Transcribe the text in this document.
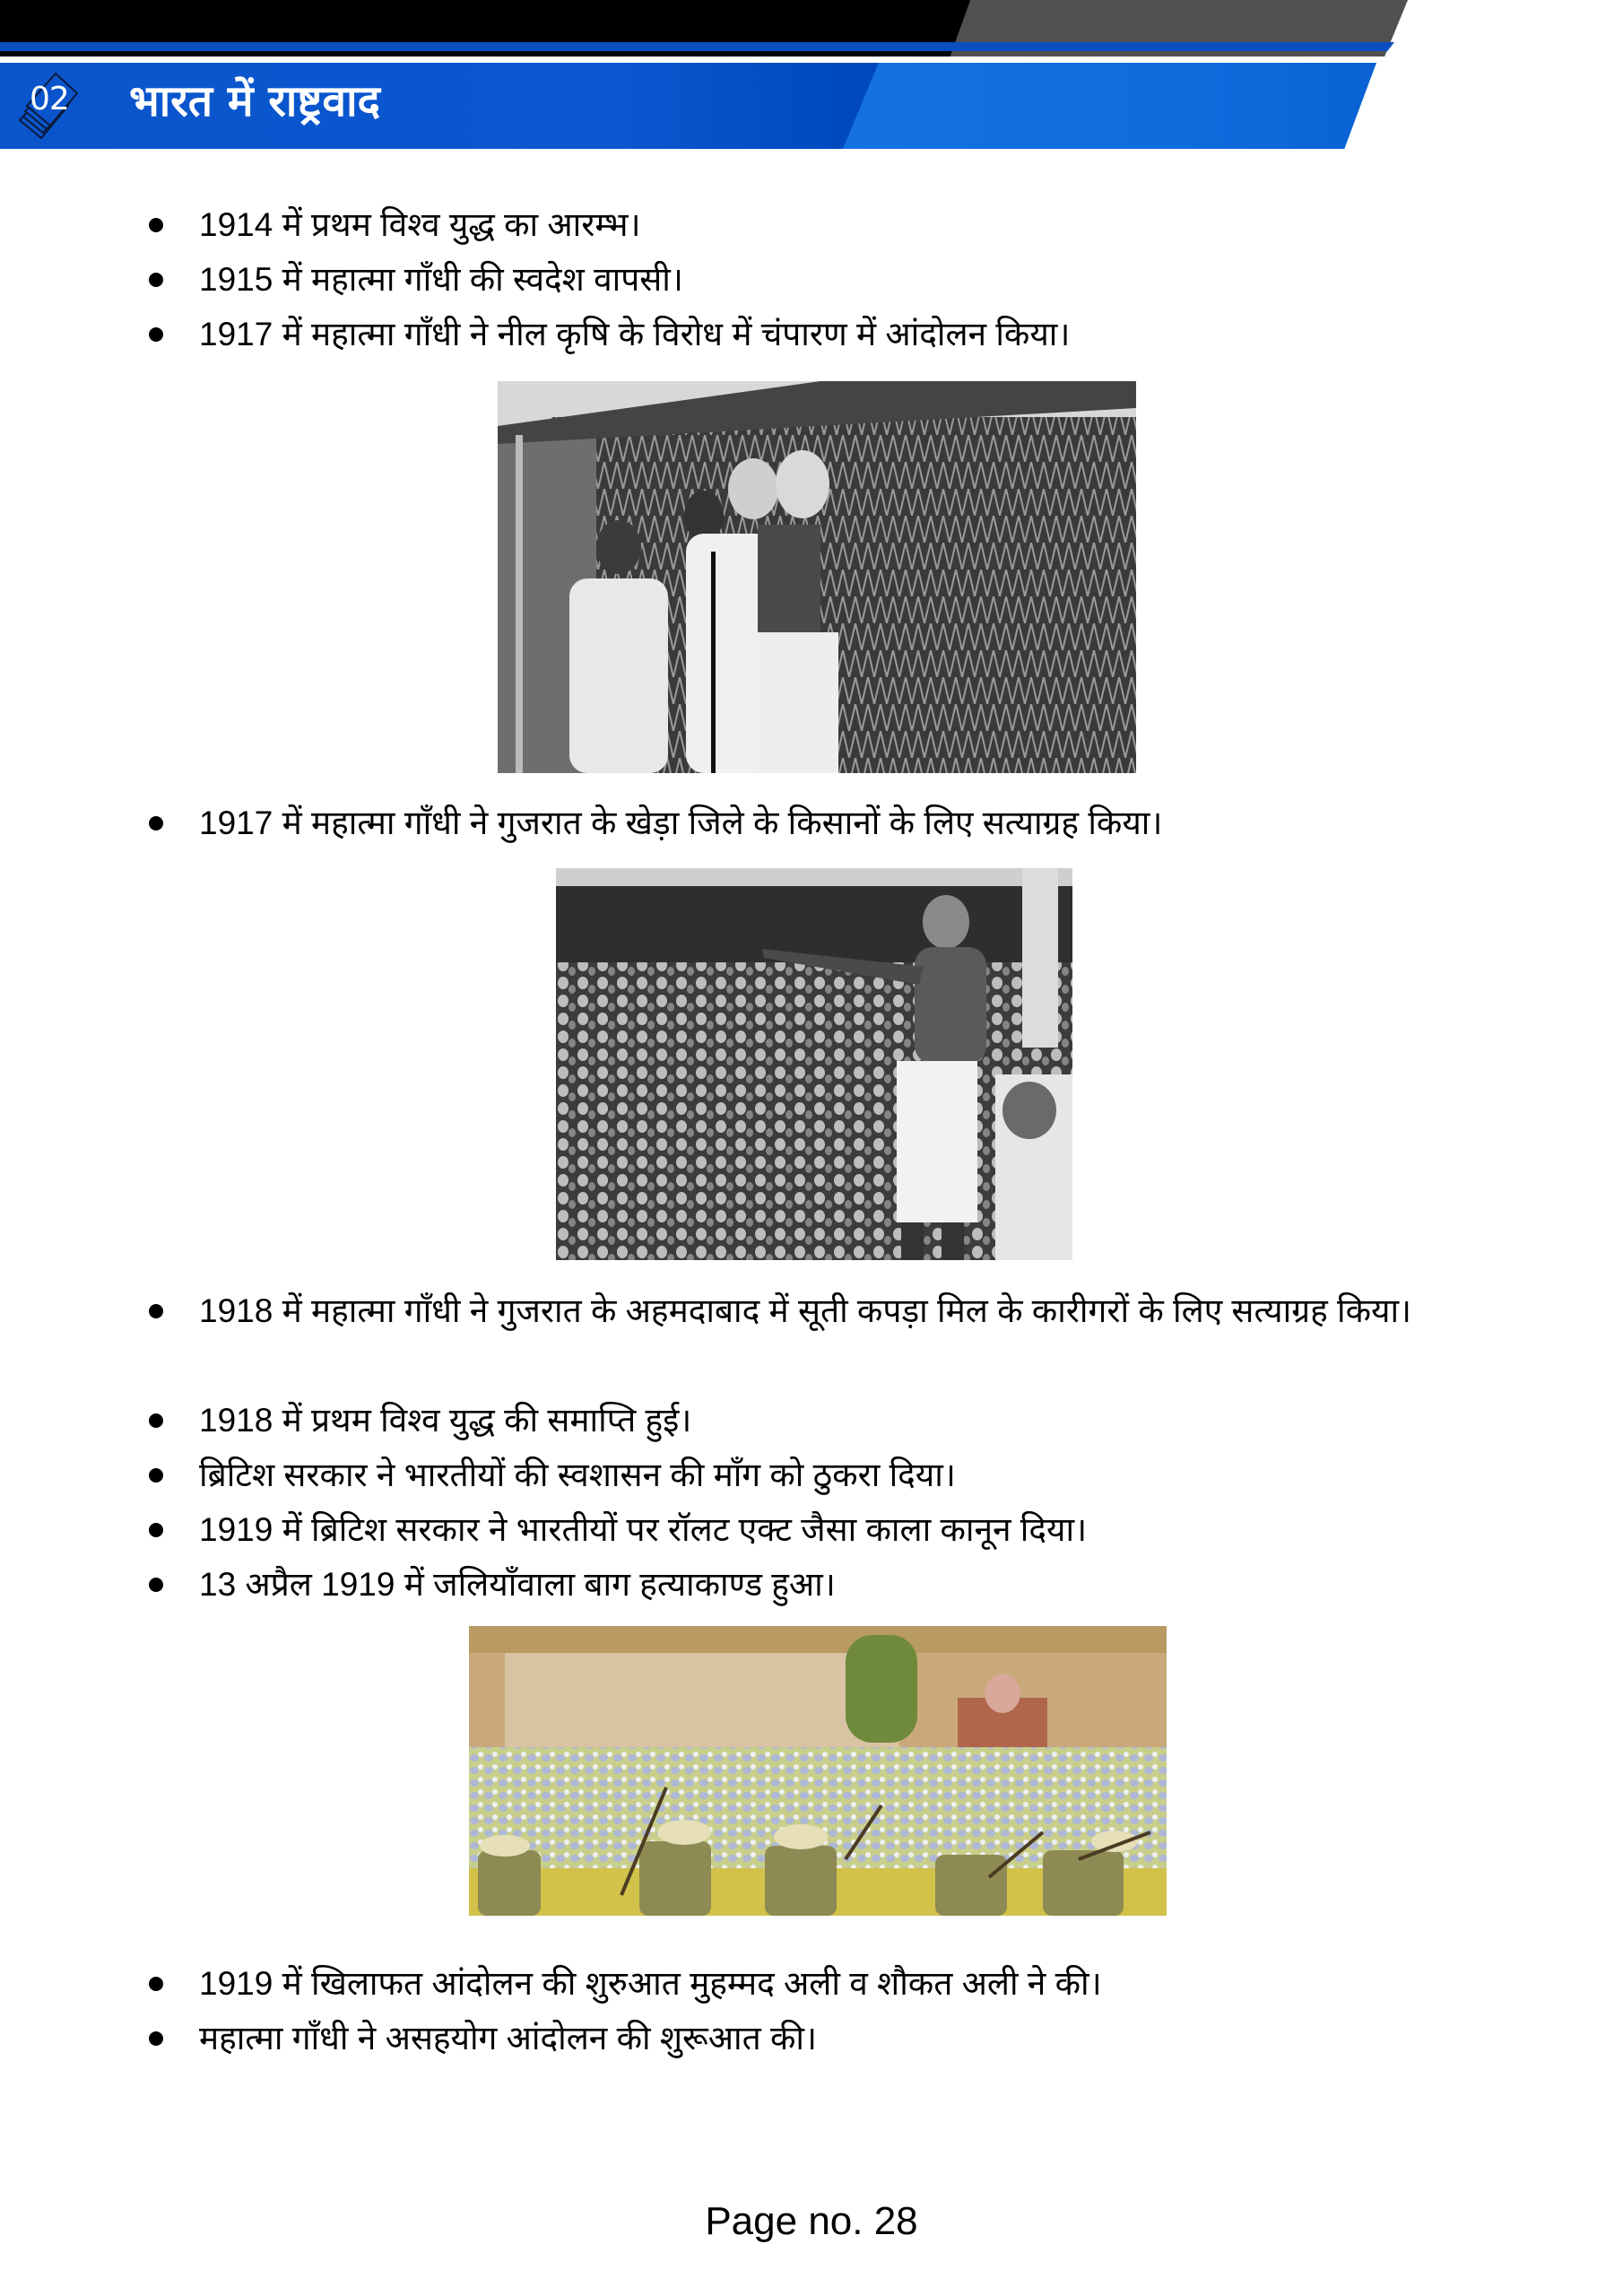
02 भारत में राष्ट्रवाद
1914 में प्रथम विश्व युद्ध का आरम्भ।
1915 में महात्मा गाँधी की स्वदेश वापसी।
1917 में महात्मा गाँधी ने नील कृषि के विरोध में चंपारण में आंदोलन किया।
1917 में महात्मा गाँधी ने गुजरात के खेड़ा जिले के किसानों के लिए सत्याग्रह किया।
1918 में महात्मा गाँधी ने गुजरात के अहमदाबाद में सूती कपड़ा मिल के कारीगरों के लिए सत्याग्रह किया।
1918 में प्रथम विश्व युद्ध की समाप्ति हुई।
ब्रिटिश सरकार ने भारतीयों की स्वशासन की माँग को ठुकरा दिया।
1919 में ब्रिटिश सरकार ने भारतीयों पर रॉलट एक्ट जैसा काला कानून दिया।
13 अप्रैल 1919 में जलियाँवाला बाग हत्याकाण्ड हुआ।
1919 में खिलाफत आंदोलन की शुरुआत मुहम्मद अली व शौकत अली ने की।
महात्मा गाँधी ने असहयोग आंदोलन की शुरूआत की।
Page no. 28
